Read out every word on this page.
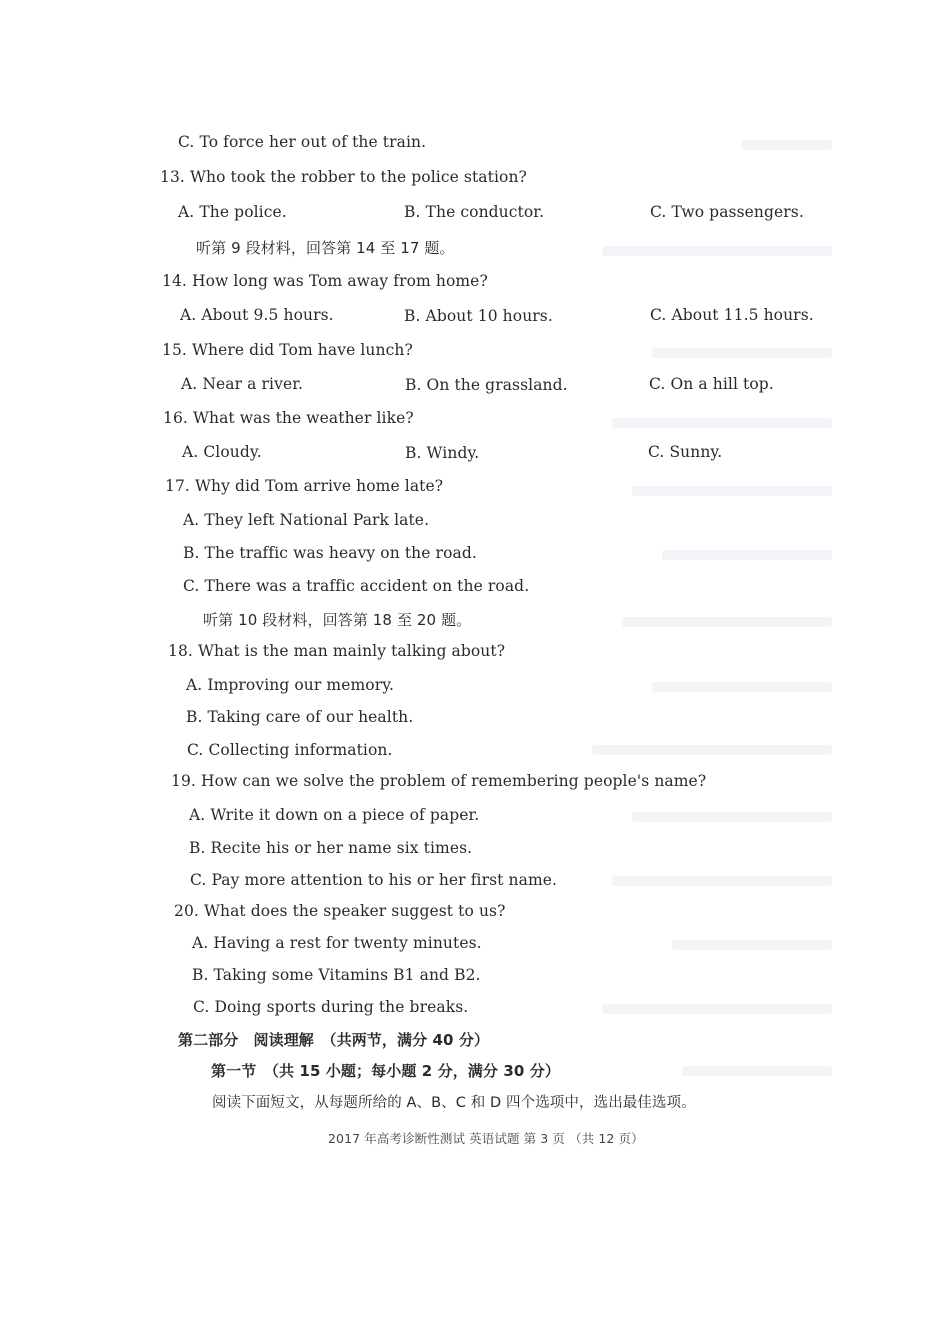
C. To force her out of the train.
13. Who took the robber to the police station?
A. The police.	B. The conductor.	C. Two passengers.
听第 9 段材料，回答第 14 至 17 题。
14. How long was Tom away from home?
A. About 9.5 hours.	B. About 10 hours.	C. About 11.5 hours.
15. Where did Tom have lunch?
A. Near a river.	B. On the grassland.	C. On a hill top.
16. What was the weather like?
A. Cloudy.	B. Windy.	C. Sunny.
17. Why did Tom arrive home late?
A. They left National Park late.
B. The traffic was heavy on the road.
C. There was a traffic accident on the road.
听第 10 段材料，回答第 18 至 20 题。
18. What is the man mainly talking about?
A. Improving our memory.
B. Taking care of our health.
C. Collecting information.
19. How can we solve the problem of remembering people's name?
A. Write it down on a piece of paper.
B. Recite his or her name six times.
C. Pay more attention to his or her first name.
20. What does the speaker suggest to us?
A. Having a rest for twenty minutes.
B. Taking some Vitamins B1 and B2.
C. Doing sports during the breaks.
第二部分　阅读理解　（共两节，满分 40 分）
第一节　（共 15 小题；每小题 2 分，满分 30 分）
阅读下面短文，从每题所给的 A、B、C 和 D 四个选项中，选出最佳选项。
2017 年高考诊断性测试 英语试题 第 3 页 （共 12 页）
